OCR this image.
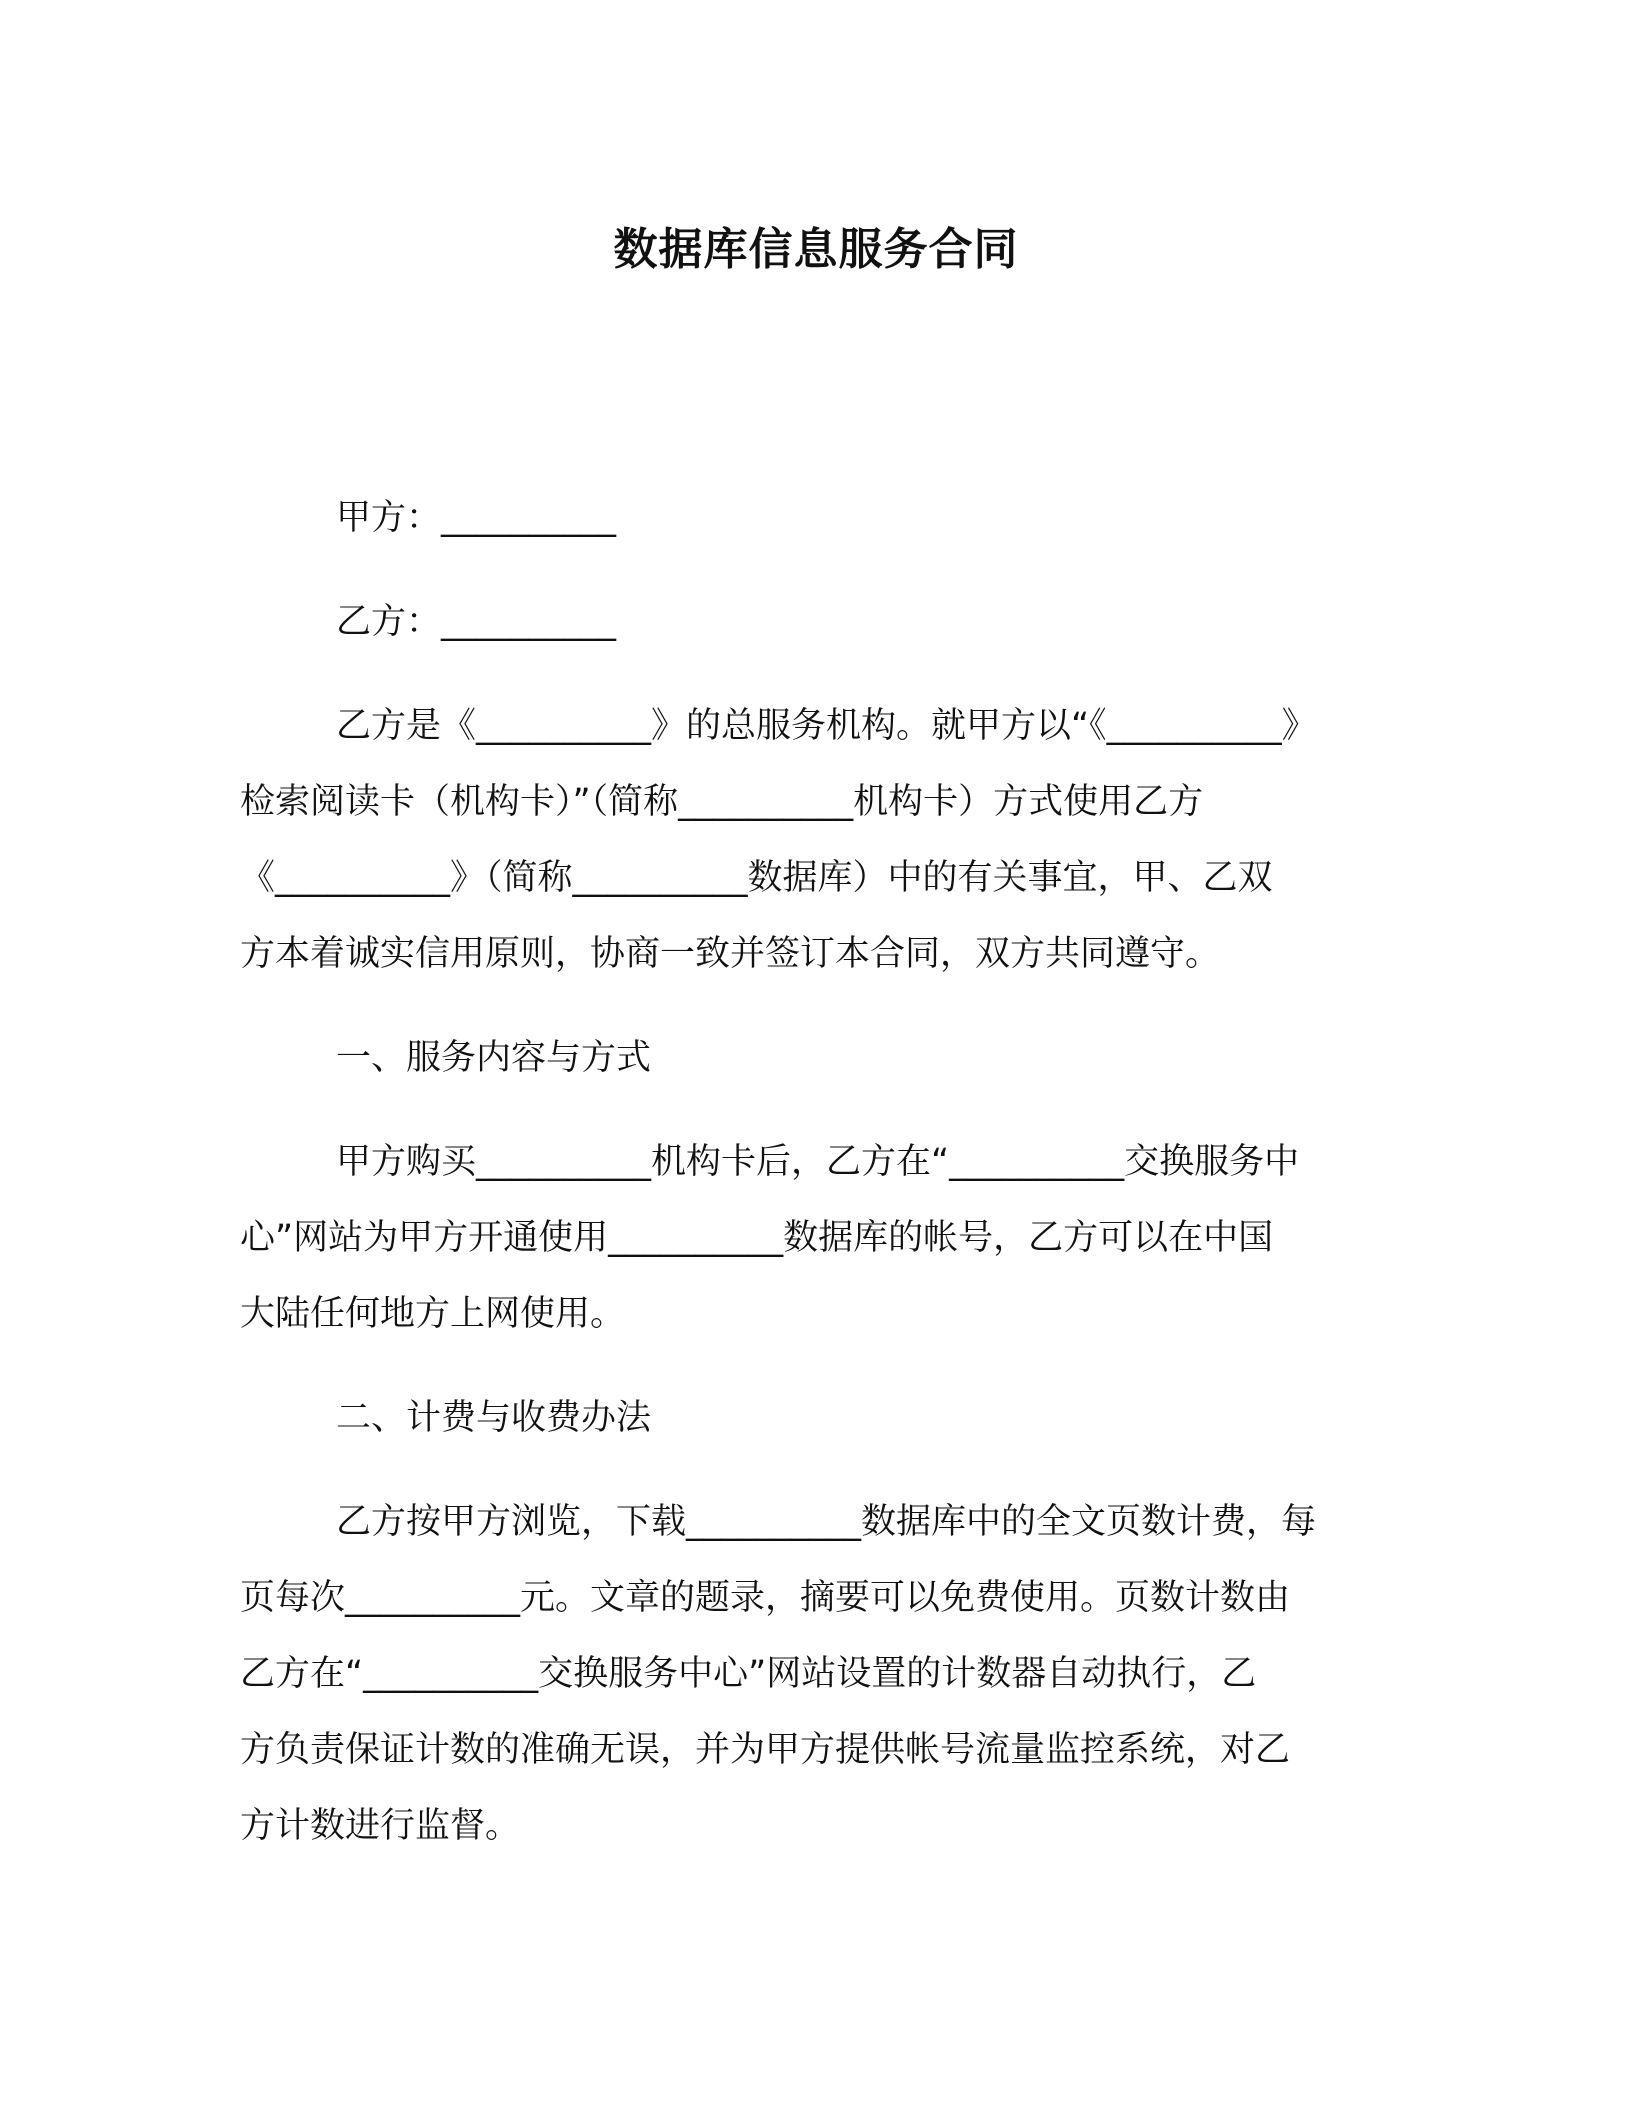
数据库信息服务合同
甲方：__________
乙方：__________
乙方是《__________》的总服务机构。就甲方以“《__________》
检索阅读卡（机构卡）”（简称__________机构卡）方式使用乙方
《__________》（简称__________数据库）中的有关事宜，甲、乙双
方本着诚实信用原则，协商一致并签订本合同，双方共同遵守。
一、服务内容与方式
甲方购买__________机构卡后，乙方在“__________交换服务中
心”网站为甲方开通使用__________数据库的帐号，乙方可以在中国
大陆任何地方上网使用。
二、计费与收费办法
乙方按甲方浏览，下载__________数据库中的全文页数计费，每
页每次__________元。文章的题录，摘要可以免费使用。页数计数由
乙方在“__________交换服务中心”网站设置的计数器自动执行，乙
方负责保证计数的准确无误，并为甲方提供帐号流量监控系统，对乙
方计数进行监督。
